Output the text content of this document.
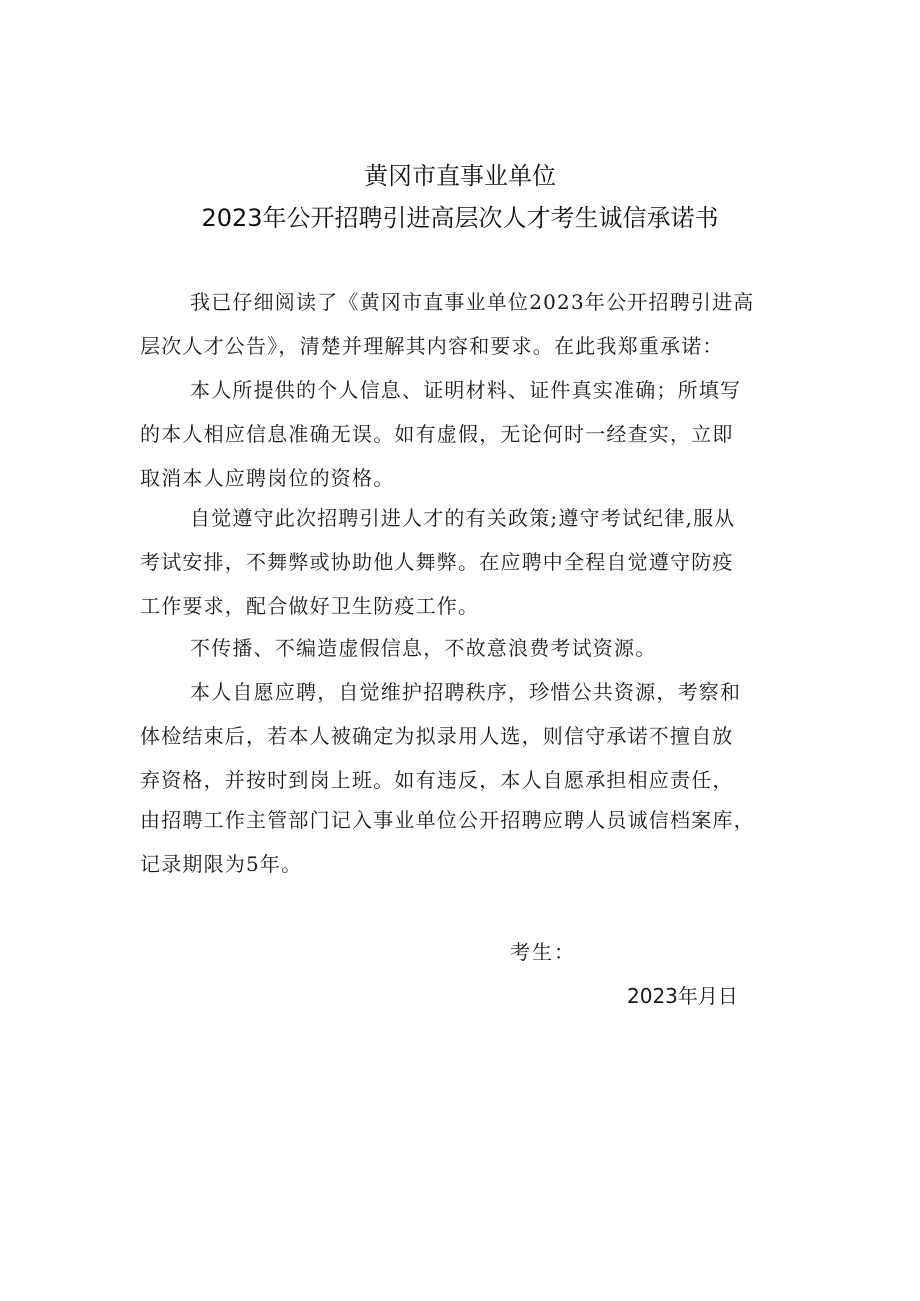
黄冈市直事业单位
2023年公开招聘引进高层次人才考生诚信承诺书
我已仔细阅读了《黄冈市直事业单位2023年公开招聘引进高
层次人才公告》，清楚并理解其内容和要求。在此我郑重承诺：
本人所提供的个人信息、证明材料、证件真实准确；所填写
的本人相应信息准确无误。如有虚假，无论何时一经查实，立即
取消本人应聘岗位的资格。
自觉遵守此次招聘引进人才的有关政策;遵守考试纪律,服从
考试安排，不舞弊或协助他人舞弊。在应聘中全程自觉遵守防疫
工作要求，配合做好卫生防疫工作。
不传播、不编造虚假信息，不故意浪费考试资源。
本人自愿应聘，自觉维护招聘秩序，珍惜公共资源，考察和
体检结束后，若本人被确定为拟录用人选，则信守承诺不擅自放
弃资格，并按时到岗上班。如有违反，本人自愿承担相应责任，
由招聘工作主管部门记入事业单位公开招聘应聘人员诚信档案库，
记录期限为5年。
考生：
2023年月日
